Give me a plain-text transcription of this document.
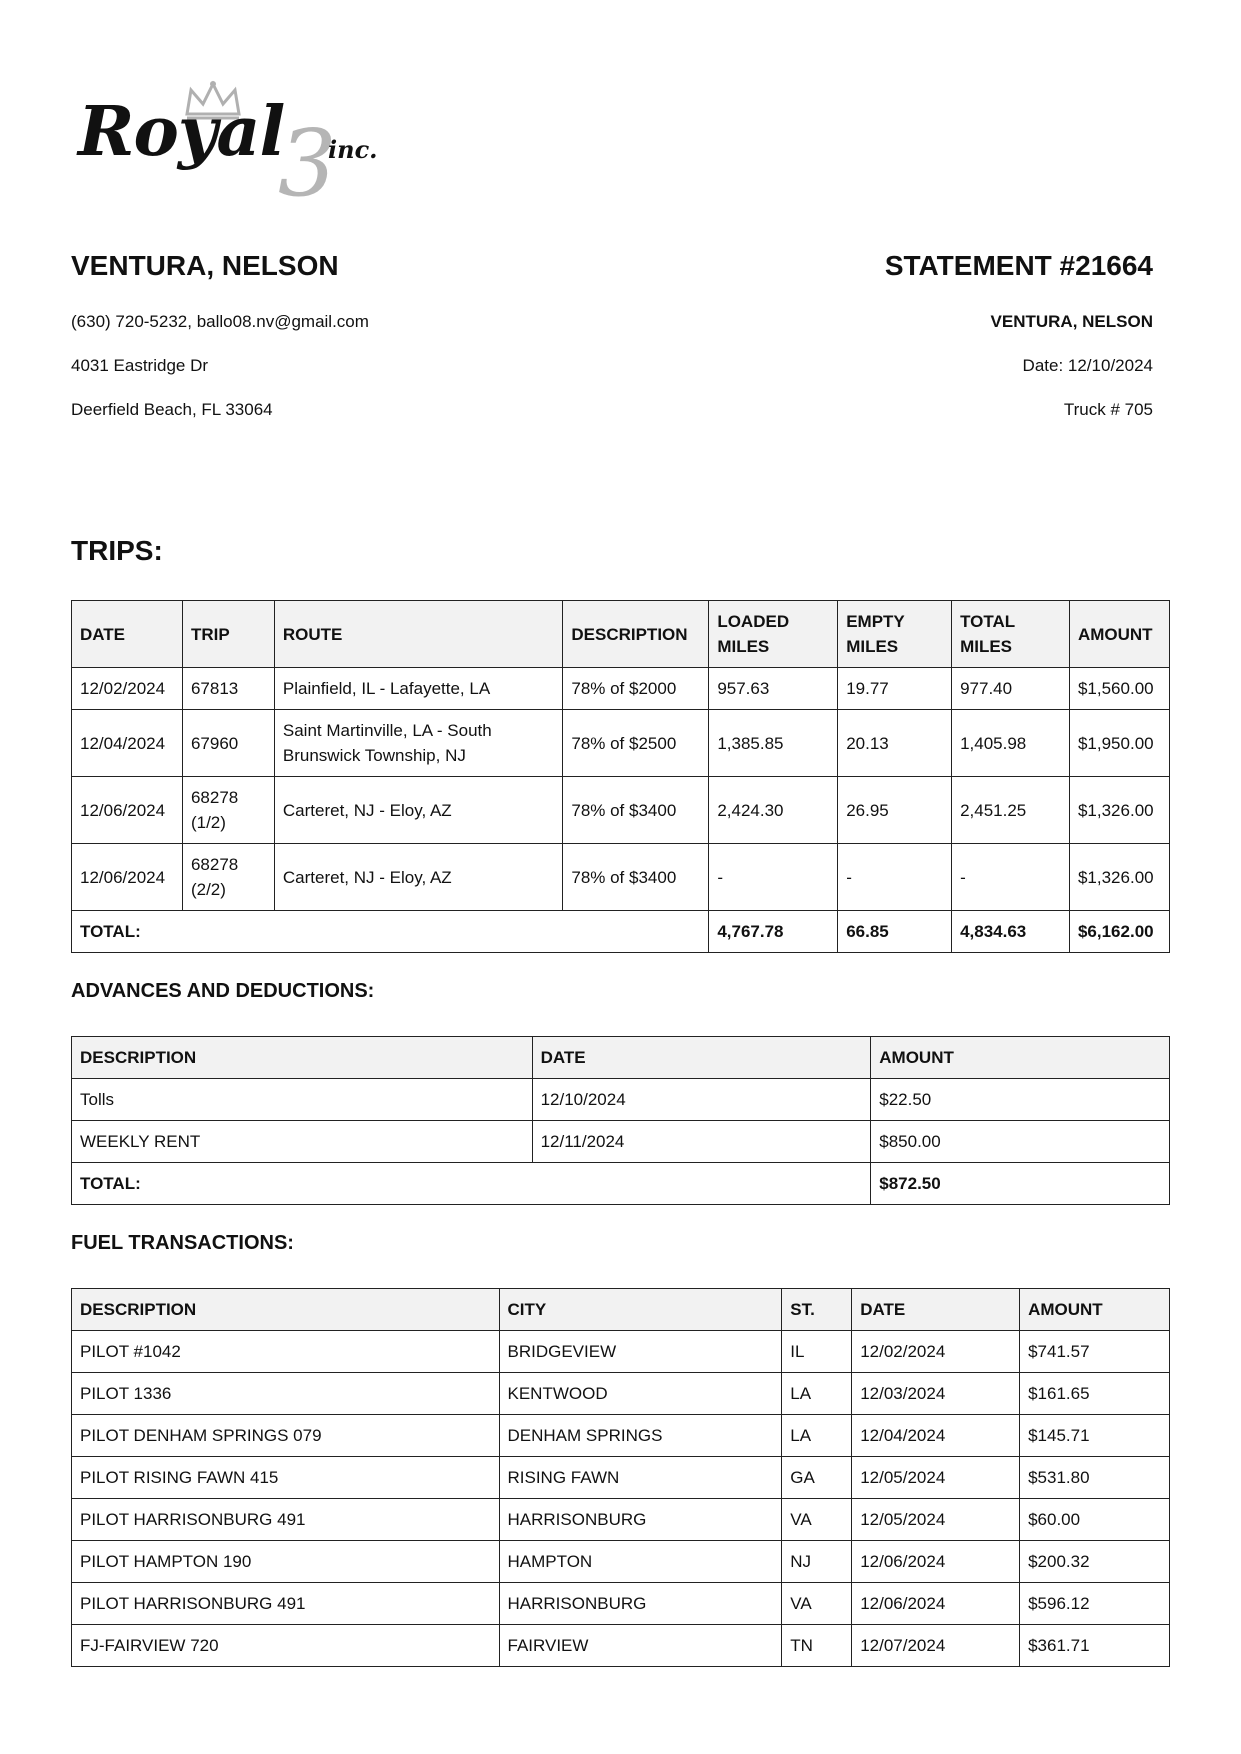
Royal
3
inc.
VENTURA, NELSON	STATEMENT #21664
(630) 720-5232, ballo08.nv@gmail.com
4031 Eastridge Dr
Deerfield Beach, FL 33064
VENTURA, NELSON
Date: 12/10/2024
Truck # 705
TRIPS:
DATE	TRIP	ROUTE	DESCRIPTION	LOADED MILES	EMPTY MILES	TOTAL MILES	AMOUNT
12/02/2024	67813	Plainfield, IL - Lafayette, LA	78% of $2000	957.63	19.77	977.40	$1,560.00
12/04/2024	67960	Saint Martinville, LA - South Brunswick Township, NJ	78% of $2500	1,385.85	20.13	1,405.98	$1,950.00
12/06/2024	68278 (1/2)	Carteret, NJ - Eloy, AZ	78% of $3400	2,424.30	26.95	2,451.25	$1,326.00
12/06/2024	68278 (2/2)	Carteret, NJ - Eloy, AZ	78% of $3400	-	-	-	$1,326.00
TOTAL:				4,767.78	66.85	4,834.63	$6,162.00
ADVANCES AND DEDUCTIONS:
DESCRIPTION	DATE	AMOUNT
Tolls	12/10/2024	$22.50
WEEKLY RENT	12/11/2024	$850.00
TOTAL:		$872.50
FUEL TRANSACTIONS:
DESCRIPTION	CITY	ST.	DATE	AMOUNT
PILOT #1042	BRIDGEVIEW	IL	12/02/2024	$741.57
PILOT 1336	KENTWOOD	LA	12/03/2024	$161.65
PILOT DENHAM SPRINGS 079	DENHAM SPRINGS	LA	12/04/2024	$145.71
PILOT RISING FAWN 415	RISING FAWN	GA	12/05/2024	$531.80
PILOT HARRISONBURG 491	HARRISONBURG	VA	12/05/2024	$60.00
PILOT HAMPTON 190	HAMPTON	NJ	12/06/2024	$200.32
PILOT HARRISONBURG 491	HARRISONBURG	VA	12/06/2024	$596.12
FJ-FAIRVIEW 720	FAIRVIEW	TN	12/07/2024	$361.71
